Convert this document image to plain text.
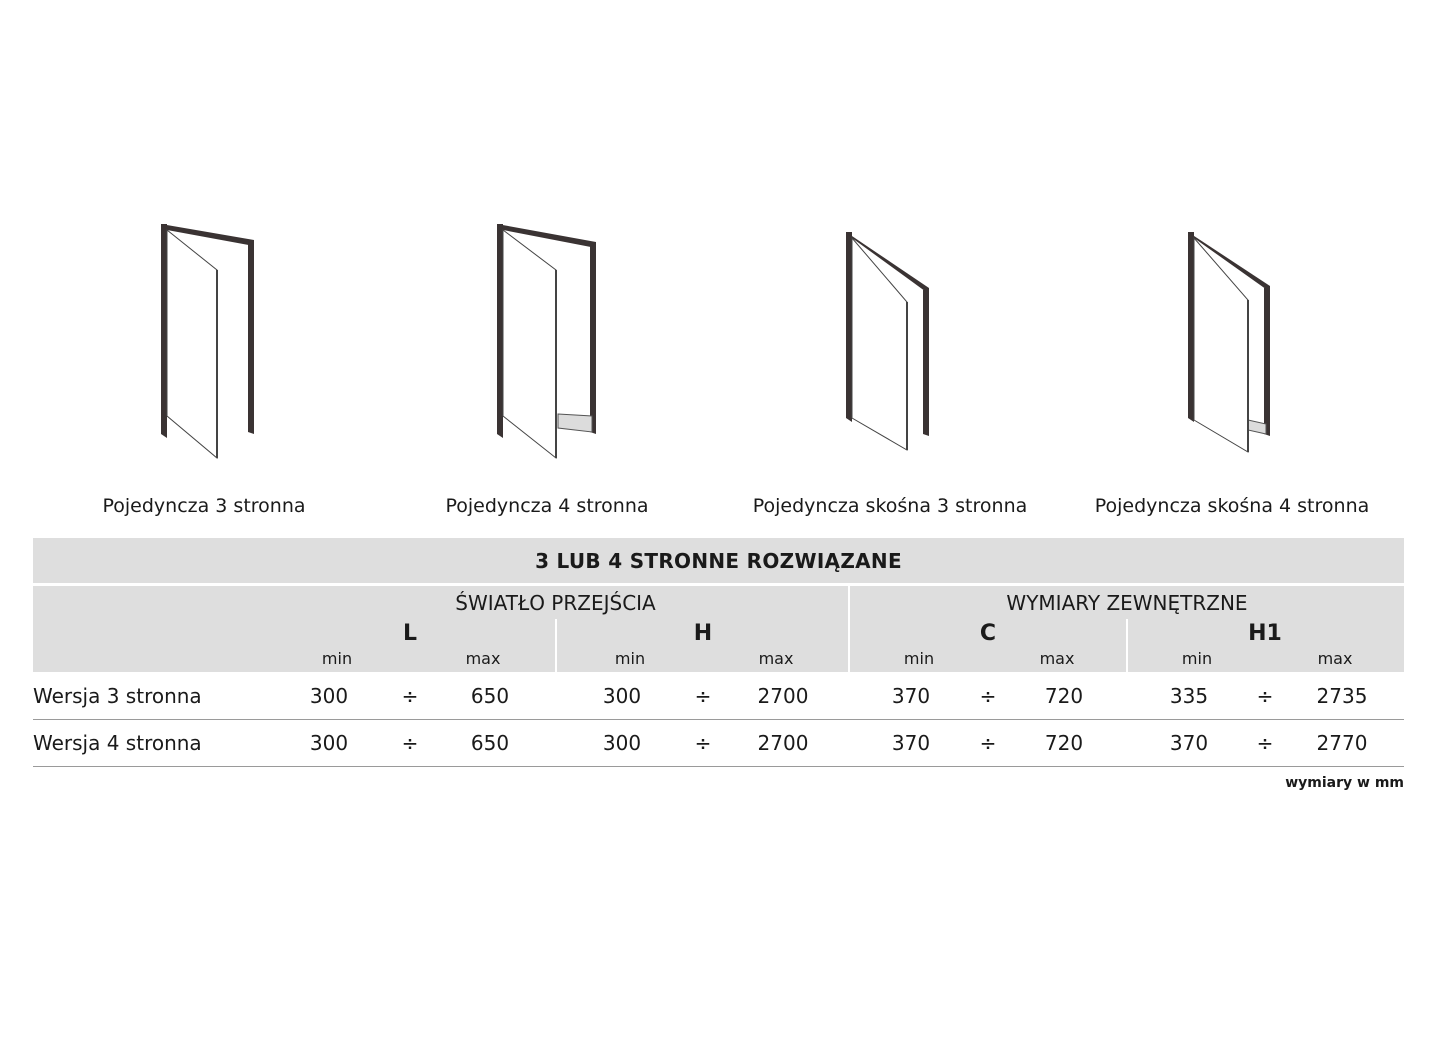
Pojedyncza 3 stronna	Pojedyncza 4 stronna	Pojedyncza skośna 3 stronna	Pojedyncza skośna 4 stronna
3 LUB 4 STRONNE ROZWIĄZANE
ŚWIATŁO PRZEJŚCIA	WYMIARY ZEWNĘTRZNE
L	H	C	H1
min	max	min	max	min	max	min	max
Wersja 3 stronna	300	÷	650	300	÷	2700	370	÷	720	335	÷	2735
Wersja 4 stronna	300	÷	650	300	÷	2700	370	÷	720	370	÷	2770
wymiary w mm
